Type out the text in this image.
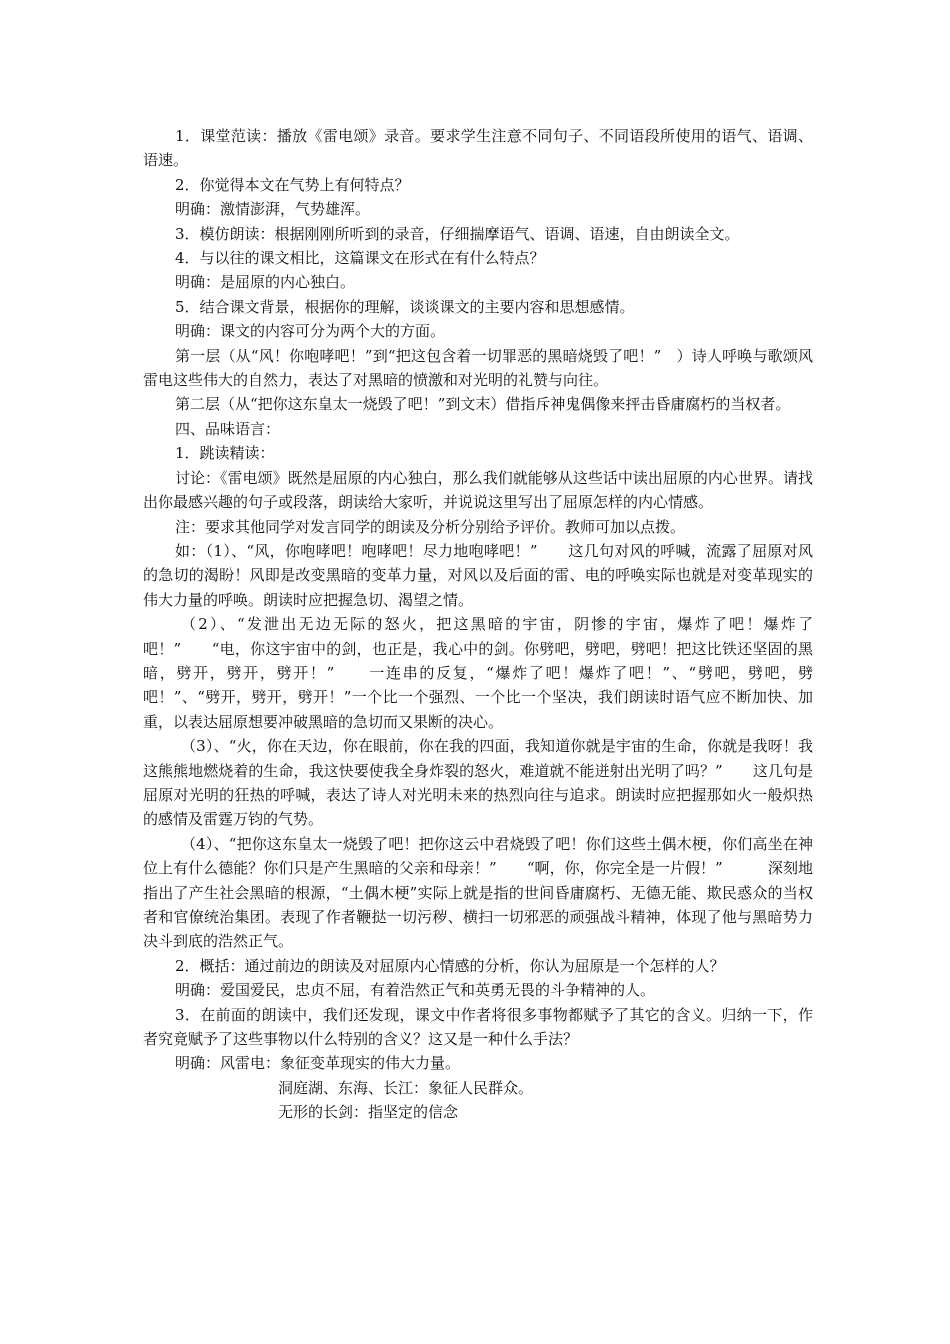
1．课堂范读：播放《雷电颂》录音。要求学生注意不同句子、不同语段所使用的语气、语调、语速。

2．你觉得本文在气势上有何特点？

明确：激情澎湃，气势雄浑。

3．模仿朗读：根据刚刚所听到的录音，仔细揣摩语气、语调、语速，自由朗读全文。

4．与以往的课文相比，这篇课文在形式在有什么特点？

明确：是屈原的内心独白。

5．结合课文背景，根据你的理解，谈谈课文的主要内容和思想感情。

明确：课文的内容可分为两个大的方面。

第一层（从“风！你咆哮吧！”到“把这包含着一切罪恶的黑暗烧毁了吧！”　）诗人呼唤与歌颂风雷电这些伟大的自然力，表达了对黑暗的愤激和对光明的礼赞与向往。

第二层（从“把你这东皇太一烧毁了吧！”到文末）借指斥神鬼偶像来抨击昏庸腐朽的当权者。

四、品味语言：

1．跳读精读：

讨论：《雷电颂》既然是屈原的内心独白，那么我们就能够从这些话中读出屈原的内心世界。请找出你最感兴趣的句子或段落，朗读给大家听，并说说这里写出了屈原怎样的内心情感。

注：要求其他同学对发言同学的朗读及分析分别给予评价。教师可加以点拨。

如：（1）、“风，你咆哮吧！咆哮吧！尽力地咆哮吧！”　　这几句对风的呼喊，流露了屈原对风的急切的渴盼！风即是改变黑暗的变革力量，对风以及后面的雷、电的呼唤实际也就是对变革现实的伟大力量的呼唤。朗读时应把握急切、渴望之情。

（2）、“发泄出无边无际的怒火，把这黑暗的宇宙，阴惨的宇宙，爆炸了吧！爆炸了吧！”　　“电，你这宇宙中的剑，也正是，我心中的剑。你劈吧，劈吧，劈吧！把这比铁还坚固的黑暗，劈开，劈开，劈开！”　　一连串的反复，“爆炸了吧！爆炸了吧！”、“劈吧，劈吧，劈吧！”、“劈开，劈开，劈开！”一个比一个强烈、一个比一个坚决，我们朗读时语气应不断加快、加重，以表达屈原想要冲破黑暗的急切而又果断的决心。

（3）、“火，你在天边，你在眼前，你在我的四面，我知道你就是宇宙的生命，你就是我呀！我这熊熊地燃烧着的生命，我这快要使我全身炸裂的怒火，难道就不能迸射出光明了吗？”　　这几句是屈原对光明的狂热的呼喊，表达了诗人对光明未来的热烈向往与追求。朗读时应把握那如火一般炽热的感情及雷霆万钧的气势。

（4）、“把你这东皇太一烧毁了吧！把你这云中君烧毁了吧！你们这些土偶木梗，你们高坐在神位上有什么德能？你们只是产生黑暗的父亲和母亲！”　　“啊，你，你完全是一片假！”　　　深刻地指出了产生社会黑暗的根源，“土偶木梗”实际上就是指的世间昏庸腐朽、无德无能、欺民惑众的当权者和官僚统治集团。表现了作者鞭挞一切污秽、横扫一切邪恶的顽强战斗精神，体现了他与黑暗势力决斗到底的浩然正气。

2．概括：通过前边的朗读及对屈原内心情感的分析，你认为屈原是一个怎样的人？

明确：爱国爱民，忠贞不屈，有着浩然正气和英勇无畏的斗争精神的人。

3．在前面的朗读中，我们还发现，课文中作者将很多事物都赋予了其它的含义。归纳一下，作者究竟赋予了这些事物以什么特别的含义？这又是一种什么手法？

明确：风雷电：象征变革现实的伟大力量。

洞庭湖、东海、长江：象征人民群众。

无形的长剑：指坚定的信念
